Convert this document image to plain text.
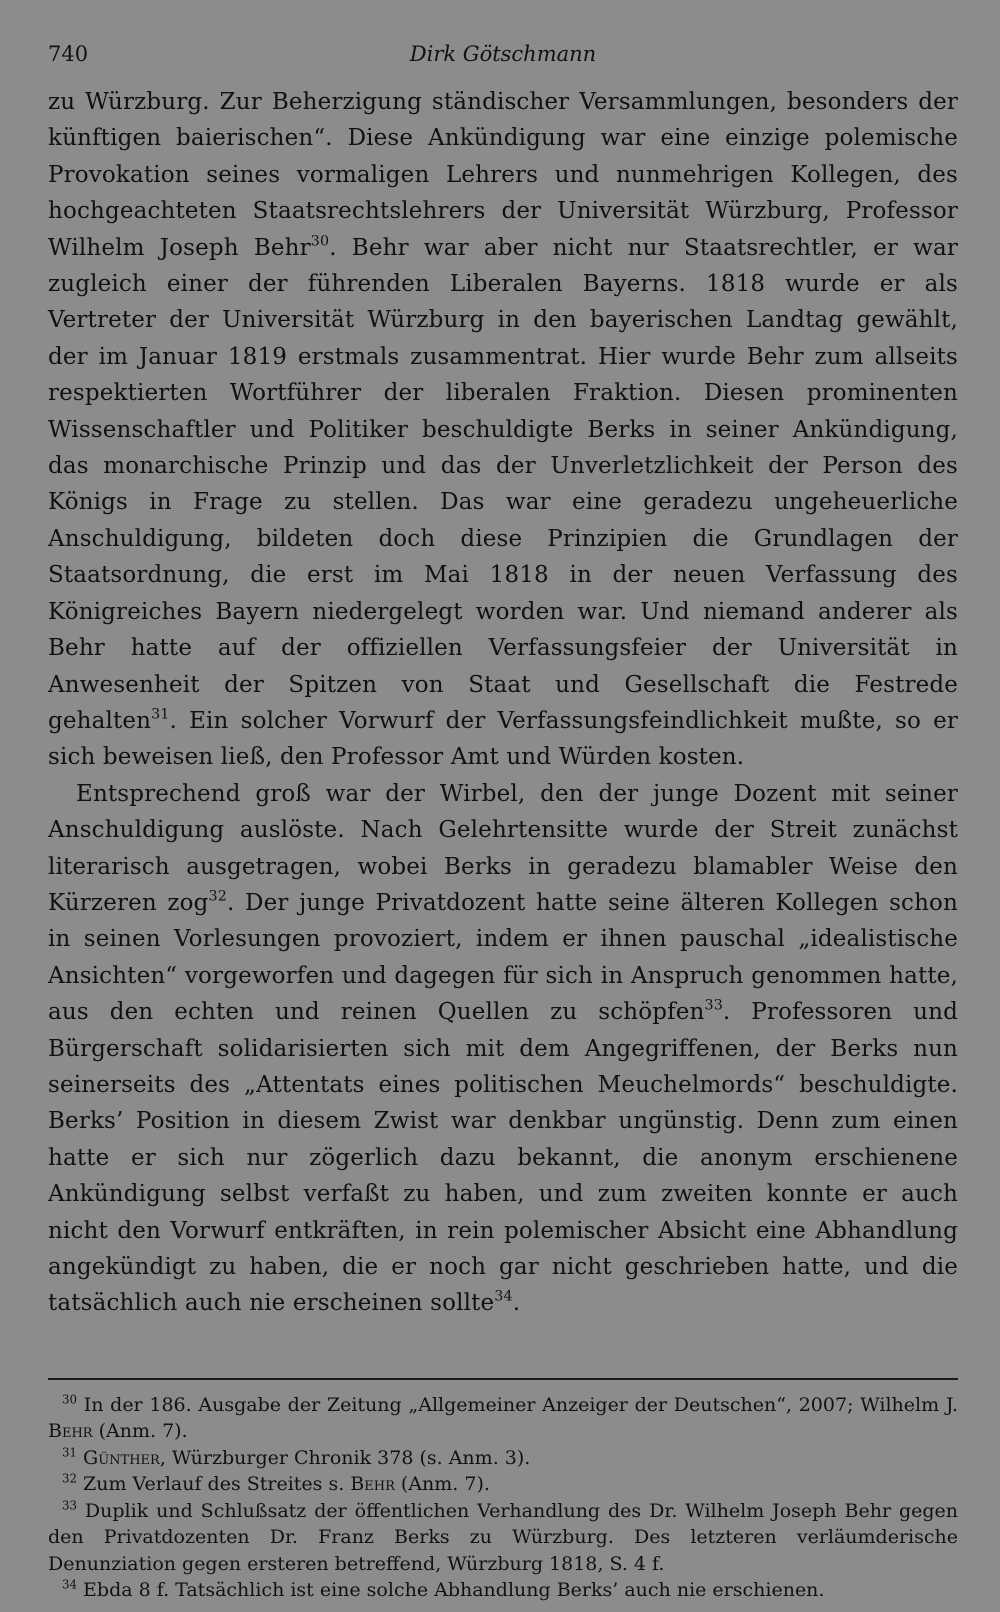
740	Dirk Götschmann

zu Würzburg. Zur Beherzigung ständischer Versammlungen, besonders der künftigen baierischen“. Diese Ankündigung war eine einzige polemische Provokation seines vormaligen Lehrers und nunmehrigen Kollegen, des hochgeachteten Staatsrechtslehrers der Universität Würzburg, Professor Wilhelm Joseph Behr$^{30}$. Behr war aber nicht nur Staatsrechtler, er war zugleich einer der führenden Liberalen Bayerns. 1818 wurde er als Vertreter der Universität Würzburg in den bayerischen Landtag gewählt, der im Januar 1819 erstmals zusammentrat. Hier wurde Behr zum allseits respektierten Wortführer der liberalen Fraktion. Diesen prominenten Wissenschaftler und Politiker beschuldigte Berks in seiner Ankündigung, das monarchische Prinzip und das der Unverletzlichkeit der Person des Königs in Frage zu stellen. Das war eine geradezu ungeheuerliche Anschuldigung, bildeten doch diese Prinzipien die Grundlagen der Staatsordnung, die erst im Mai 1818 in der neuen Verfassung des Königreiches Bayern niedergelegt worden war. Und niemand anderer als Behr hatte auf der offiziellen Verfassungsfeier der Universität in Anwesenheit der Spitzen von Staat und Gesellschaft die Festrede gehalten$^{31}$. Ein solcher Vorwurf der Verfassungsfeindlichkeit mußte, so er sich beweisen ließ, den Professor Amt und Würden kosten.

Entsprechend groß war der Wirbel, den der junge Dozent mit seiner Anschuldigung auslöste. Nach Gelehrtensitte wurde der Streit zunächst literarisch ausgetragen, wobei Berks in geradezu blamabler Weise den Kürzeren zog$^{32}$. Der junge Privatdozent hatte seine älteren Kollegen schon in seinen Vorlesungen provoziert, indem er ihnen pauschal „idealistische Ansichten“ vorgeworfen und dagegen für sich in Anspruch genommen hatte, aus den echten und reinen Quellen zu schöpfen$^{33}$. Professoren und Bürgerschaft solidarisierten sich mit dem Angegriffenen, der Berks nun seinerseits des „Attentats eines politischen Meuchelmords“ beschuldigte. Berks’ Position in diesem Zwist war denkbar ungünstig. Denn zum einen hatte er sich nur zögerlich dazu bekannt, die anonym erschienene Ankündigung selbst verfaßt zu haben, und zum zweiten konnte er auch nicht den Vorwurf entkräften, in rein polemischer Absicht eine Abhandlung angekündigt zu haben, die er noch gar nicht geschrieben hatte, und die tatsächlich auch nie erscheinen sollte$^{34}$.

$^{30}$ In der 186. Ausgabe der Zeitung „Allgemeiner Anzeiger der Deutschen“, 2007; Wilhelm J. Behr (Anm. 7).

$^{31}$ Günther, Würzburger Chronik 378 (s. Anm. 3).

$^{32}$ Zum Verlauf des Streites s. Behr (Anm. 7).

$^{33}$ Duplik und Schlußsatz der öffentlichen Verhandlung des Dr. Wilhelm Joseph Behr gegen den Privatdozenten Dr. Franz Berks zu Würzburg. Des letzteren verläumderische Denunziation gegen ersteren betreffend, Würzburg 1818, S. 4 f.

$^{34}$ Ebda 8 f. Tatsächlich ist eine solche Abhandlung Berks’ auch nie erschienen.
